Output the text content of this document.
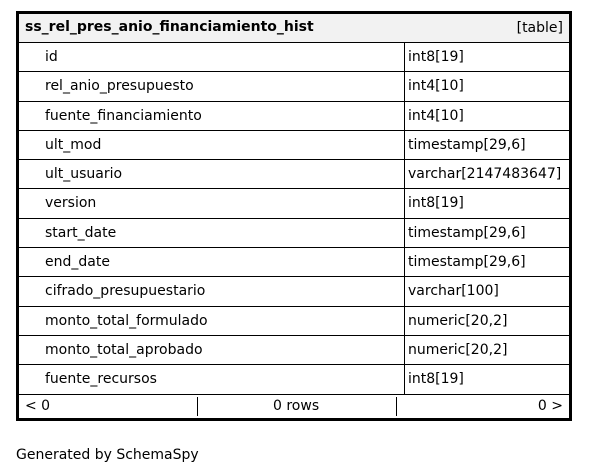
ss_rel_pres_anio_financiamiento_hist	[table]
id	int8[19]
rel_anio_presupuesto	int4[10]
fuente_financiamiento	int4[10]
ult_mod	timestamp[29,6]
ult_usuario	varchar[2147483647]
version	int8[19]
start_date	timestamp[29,6]
end_date	timestamp[29,6]
cifrado_presupuestario	varchar[100]
monto_total_formulado	numeric[20,2]
monto_total_aprobado	numeric[20,2]
fuente_recursos	int8[19]
< 0	0 rows	0 >
Generated by SchemaSpy
